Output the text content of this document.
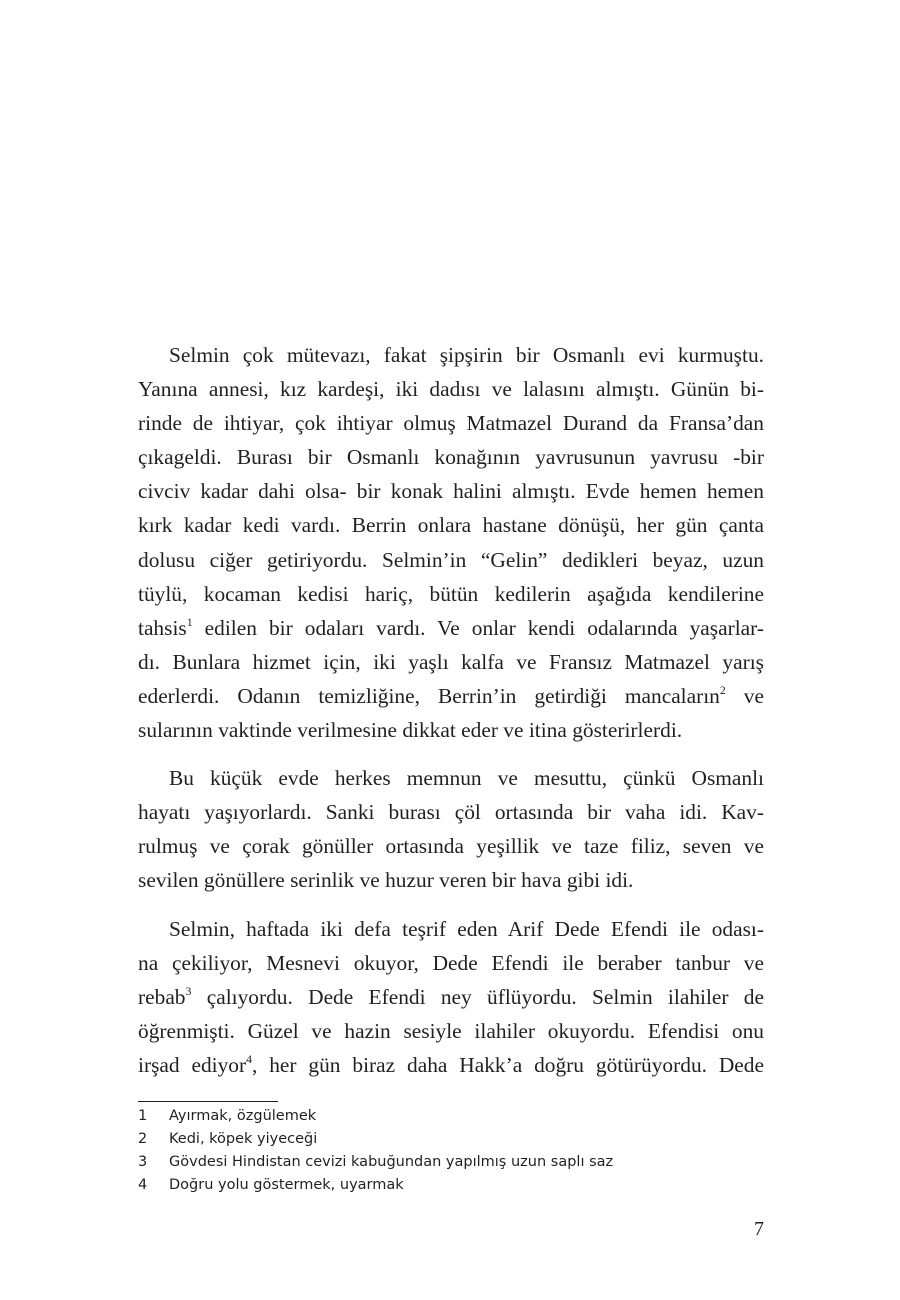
Selmin çok mütevazı, fakat şipşirin bir Osmanlı evi kurmuştu.
Yanına annesi, kız kardeşi, iki dadısı ve lalasını almıştı. Günün bi-
rinde de ihtiyar, çok ihtiyar olmuş Matmazel Durand da Fransa’dan
çıkageldi. Burası bir Osmanlı konağının yavrusunun yavrusu -bir
civciv kadar dahi olsa- bir konak halini almıştı. Evde hemen hemen
kırk kadar kedi vardı. Berrin onlara hastane dönüşü, her gün çanta
dolusu ciğer getiriyordu. Selmin’in “Gelin” dedikleri beyaz, uzun
tüylü, kocaman kedisi hariç, bütün kedilerin aşağıda kendilerine
tahsis$^1$ edilen bir odaları vardı. Ve onlar kendi odalarında yaşarlar-
dı. Bunlara hizmet için, iki yaşlı kalfa ve Fransız Matmazel yarış
ederlerdi. Odanın temizliğine, Berrin’in getirdiği mancaların$^2$ ve
sularının vaktinde verilmesine dikkat eder ve itina gösterirlerdi.

Bu küçük evde herkes memnun ve mesuttu, çünkü Osmanlı
hayatı yaşıyorlardı. Sanki burası çöl ortasında bir vaha idi. Kav-
rulmuş ve çorak gönüller ortasında yeşillik ve taze filiz, seven ve
sevilen gönüllere serinlik ve huzur veren bir hava gibi idi.

Selmin, haftada iki defa teşrif eden Arif Dede Efendi ile odası-
na çekiliyor, Mesnevi okuyor, Dede Efendi ile beraber tanbur ve
rebab$^3$ çalıyordu. Dede Efendi ney üflüyordu. Selmin ilahiler de
öğrenmişti. Güzel ve hazin sesiyle ilahiler okuyordu. Efendisi onu
irşad ediyor$^4$, her gün biraz daha Hakk’a doğru götürüyordu. Dede

1	Ayırmak, özgülemek
2	Kedi, köpek yiyeceği
3	Gövdesi Hindistan cevizi kabuğundan yapılmış uzun saplı saz
4	Doğru yolu göstermek, uyarmak
7
